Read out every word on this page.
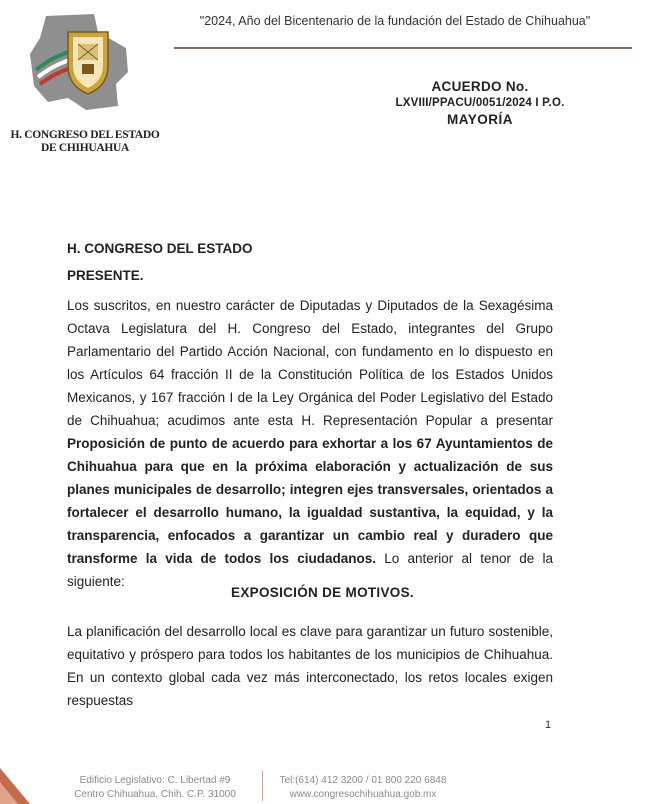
H. CONGRESO DEL ESTADO
DE CHIHUAHUA
"2024, Año del Bicentenario de la fundación del Estado de Chihuahua"
ACUERDO No.
LXVIII/PPACU/0051/2024 I P.O.
MAYORÍA
H. CONGRESO DEL ESTADO
PRESENTE.
Los suscritos, en nuestro carácter de Diputadas y Diputados de la Sexagésima Octava Legislatura del H. Congreso del Estado, integrantes del Grupo Parlamentario del Partido Acción Nacional, con fundamento en lo dispuesto en los Artículos 64 fracción II de la Constitución Política de los Estados Unidos Mexicanos, y 167 fracción I de la Ley Orgánica del Poder Legislativo del Estado de Chihuahua; acudimos ante esta H. Representación Popular a presentar Proposición de punto de acuerdo para exhortar a los 67 Ayuntamientos de Chihuahua para que en la próxima elaboración y actualización de sus planes municipales de desarrollo; integren ejes transversales, orientados a fortalecer el desarrollo humano, la igualdad sustantiva, la equidad, y la transparencia, enfocados a garantizar un cambio real y duradero que transforme la vida de todos los ciudadanos. Lo anterior al tenor de la siguiente:
EXPOSICIÓN DE MOTIVOS.
La planificación del desarrollo local es clave para garantizar un futuro sostenible, equitativo y próspero para todos los habitantes de los municipios de Chihuahua. En un contexto global cada vez más interconectado, los retos locales exigen respuestas
1
Edificio Legislativo: C. Libertad #9
Centro Chihuahua, Chih. C.P. 31000
Tel:(614) 412 3200 / 01 800 220 6848
www.congresochihuahua.gob.mx
